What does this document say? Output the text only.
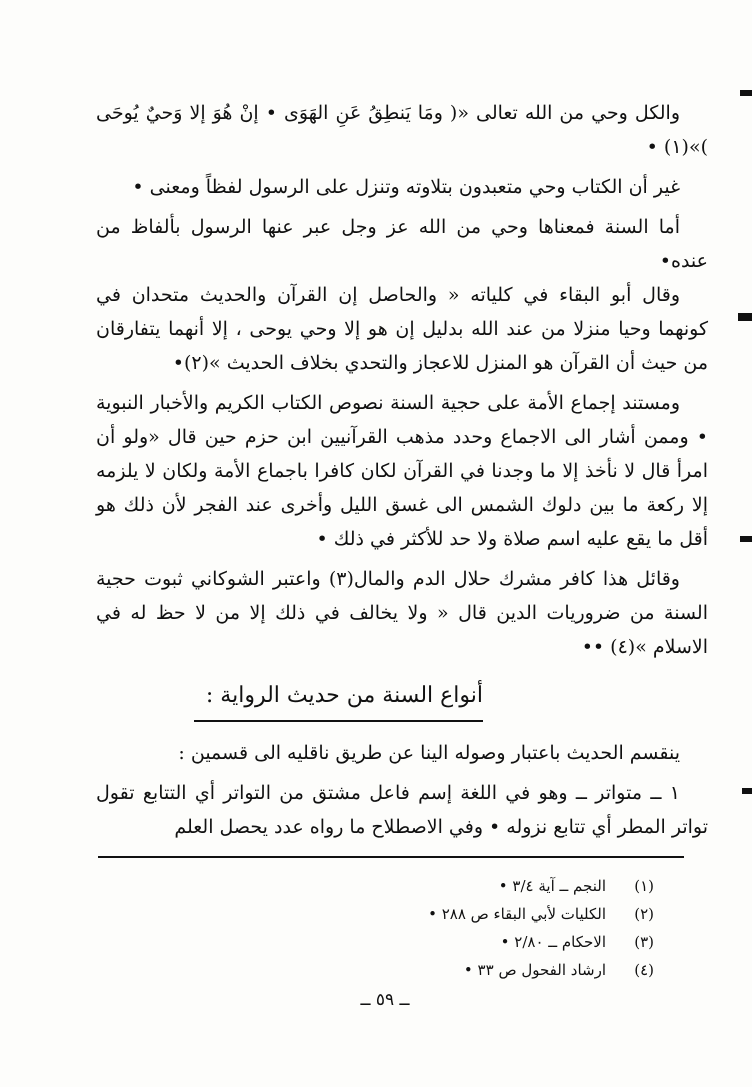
والكل وحي من الله تعالى «( ومَا يَنطِقُ عَنِ الهَوَى • إنْ هُوَ إلا وَحيٌ يُوحَى )»(١) •

غير أن الكتاب وحي متعبدون بتلاوته وتنزل على الرسول لفظاً ومعنى •

أما السنة فمعناها وحي من الله عز وجل عبر عنها الرسول بألفاظ من عنده•

وقال أبو البقاء في كلياته « والحاصل إن القرآن والحديث متحدان في كونهما وحيا منزلا من عند الله بدليل إن هو إلا وحي يوحى ، إلا أنهما يتفارقان من حيث أن القرآن هو المنزل للاعجاز والتحدي بخلاف الحديث »(٢)•

ومستند إجماع الأمة على حجية السنة نصوص الكتاب الكريم والأخبار النبوية • وممن أشار الى الاجماع وحدد مذهب القرآنيين ابن حزم حين قال «ولو أن امرأ قال لا نأخذ إلا ما وجدنا في القرآن لكان كافرا باجماع الأمة ولكان لا يلزمه إلا ركعة ما بين دلوك الشمس الى غسق الليل وأخرى عند الفجر لأن ذلك هو أقل ما يقع عليه اسم صلاة ولا حد للأكثر في ذلك •

وقائل هذا كافر مشرك حلال الدم والمال(٣) واعتبر الشوكاني ثبوت حجية السنة من ضروريات الدين قال « ولا يخالف في ذلك إلا من لا حظ له في الاسلام »(٤) ••

أنواع السنة من حديث الرواية :

ينقسم الحديث باعتبار وصوله الينا عن طريق ناقليه الى قسمين :

١ ــ متواتر ــ وهو في اللغة إسم فاعل مشتق من التواتر أي التتابع تقول تواتر المطر أي تتابع نزوله • وفي الاصطلاح ما رواه عدد يحصل العلم

(١)
النجم ــ آية ٣/٤ •
(٢)
الكليات لأبي البقاء ص ٢٨٨ •
(٣)
الاحكام ــ ٢/٨٠ •
(٤)
ارشاد الفحول ص ٣٣ •
ــ ٥٩ ــ
